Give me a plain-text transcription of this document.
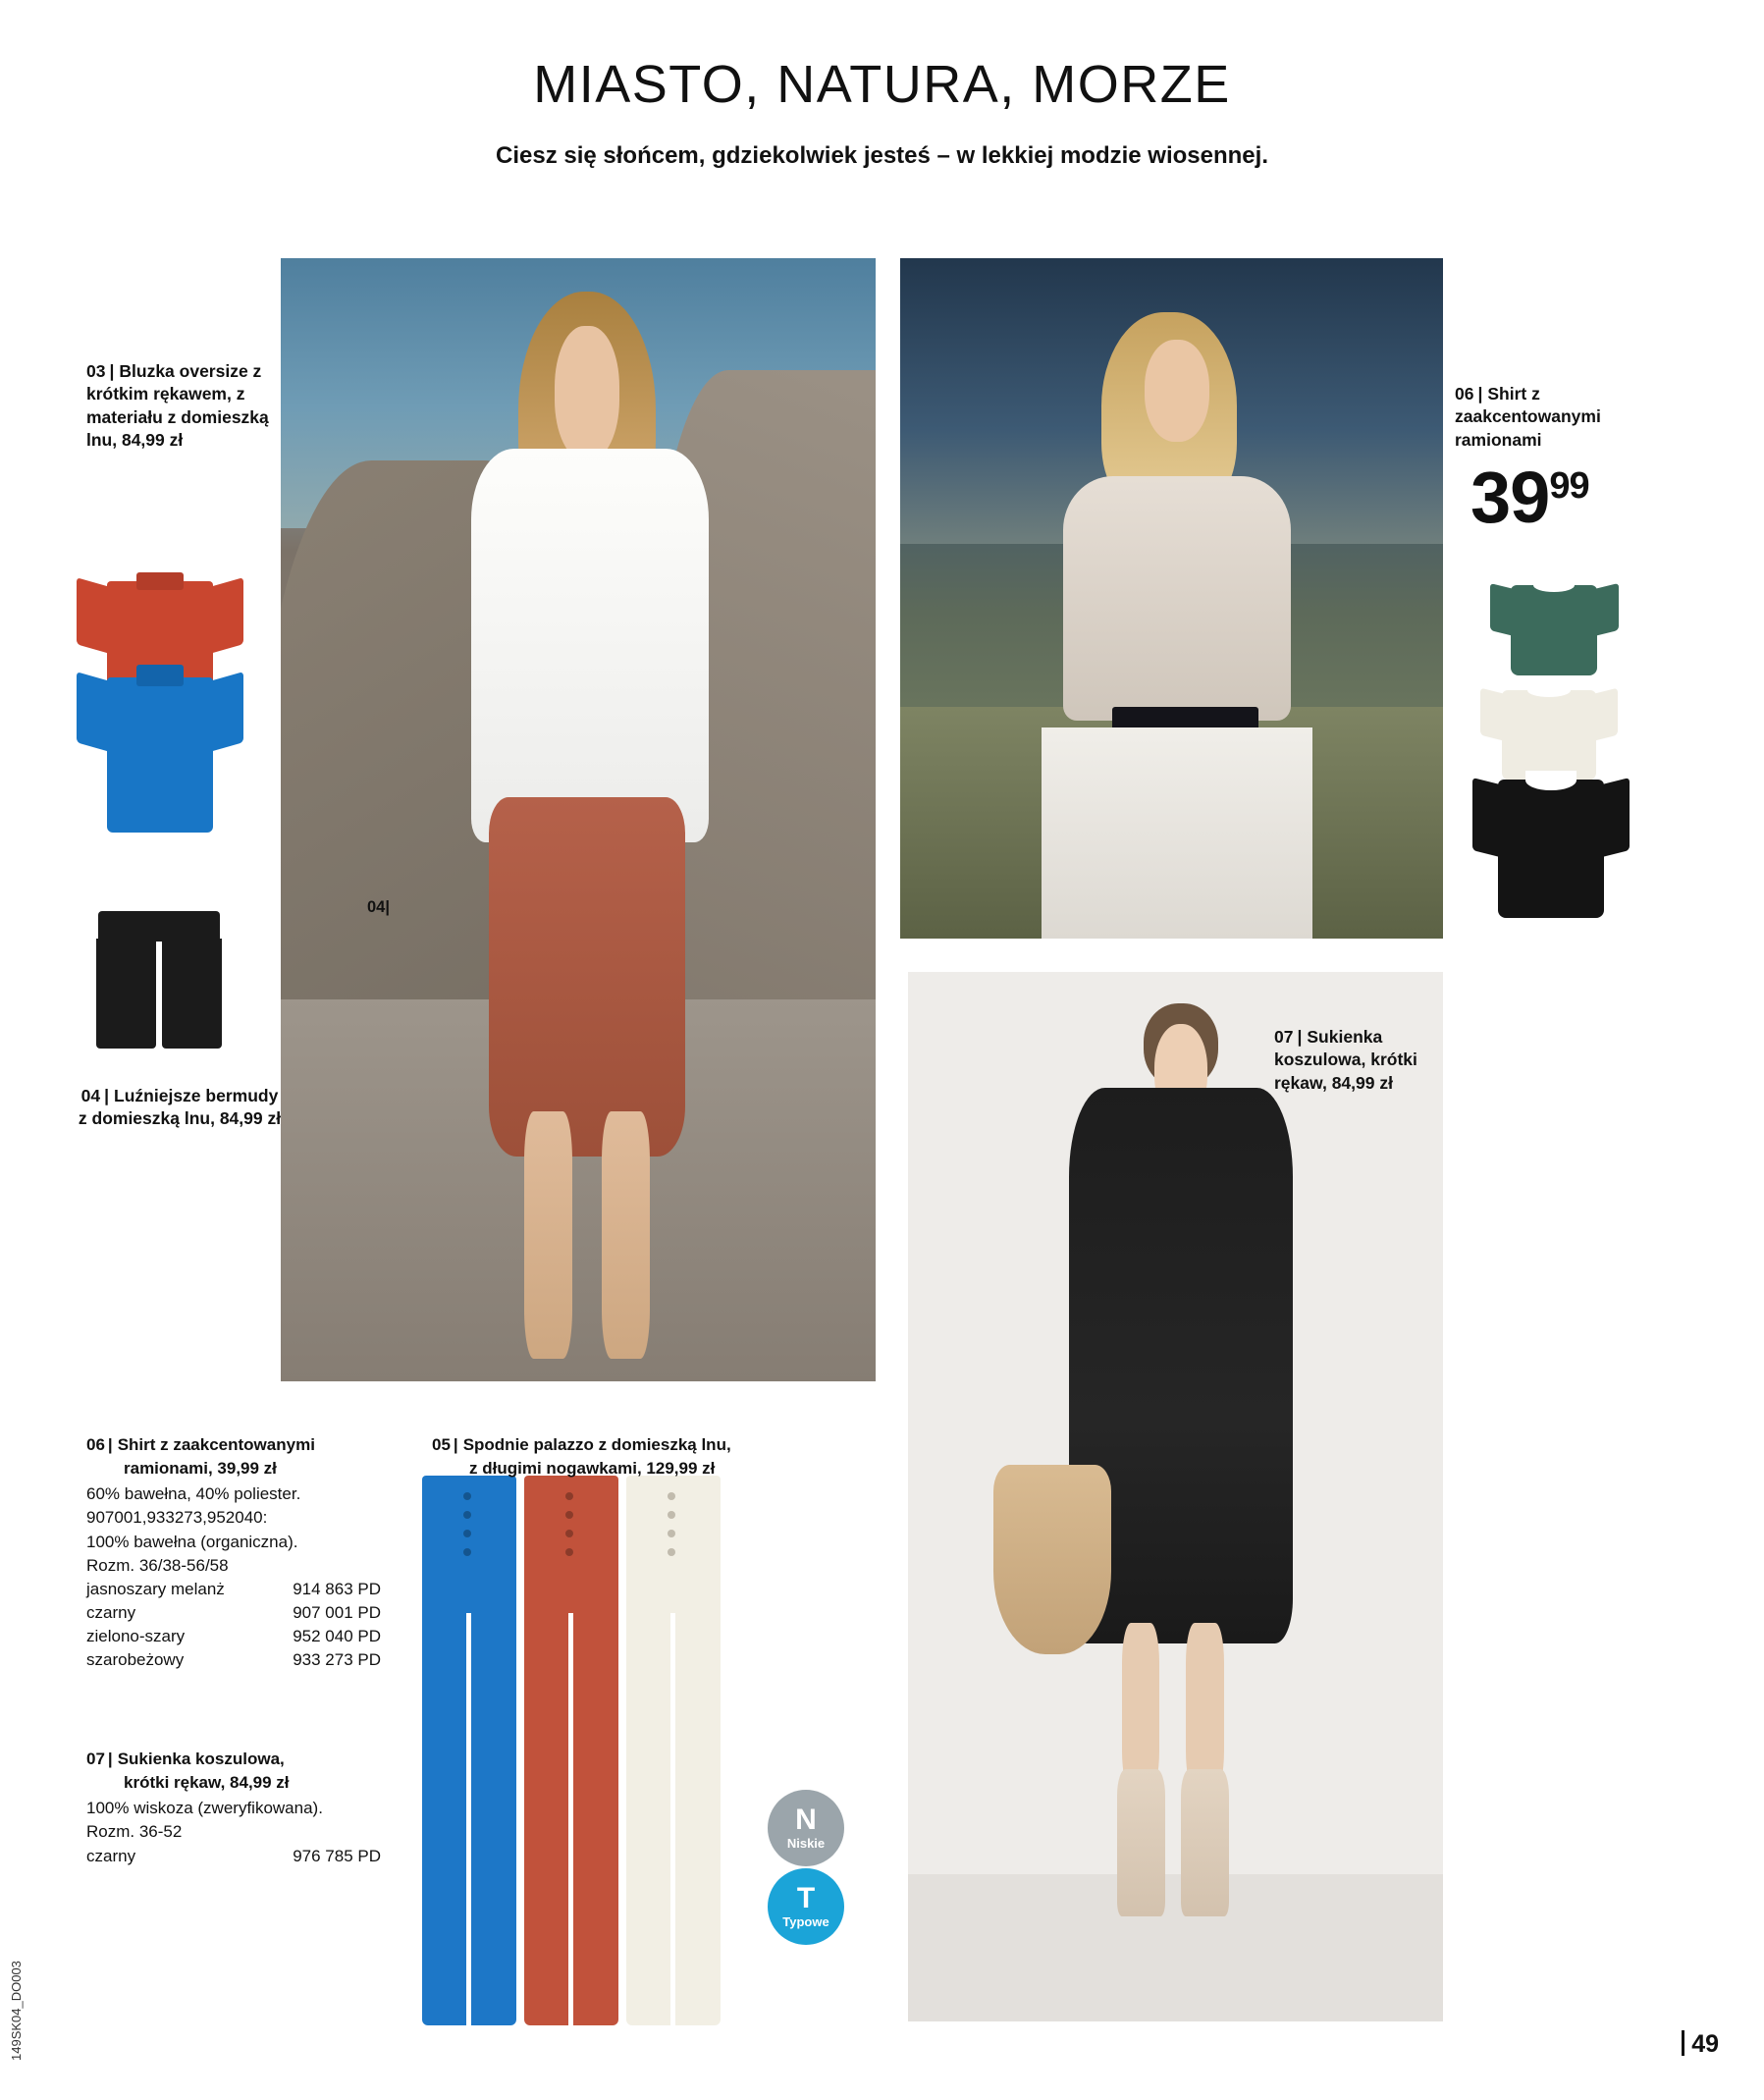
MIASTO, NATURA, MORZE

Ciesz się słońcem, gdziekolwiek jesteś – w lekkiej modzie wiosennej.

03 | Bluzka oversize z krótkim rękawem, z materiału z domieszką lnu, 84,99 zł
04 | Luźniejsze bermudy z domieszką lnu, 84,99 zł
04|
06 | Shirt z zaakcentowanymi ramionami
3999
07 | Sukienka koszulowa, krótki rękaw, 84,99 zł
06 | Shirt z zaakcentowanymi
ramionami, 39,99 zł
60% bawełna, 40% poliester.
907001,933273,952040:
100% bawełna (organiczna).
Rozm. 36/38-56/58
jasnoszary melanż	914 863 PD
czarny	907 001 PD
zielono-szary	952 040 PD
szarobeżowy	933 273 PD
07 | Sukienka koszulowa,
krótki rękaw, 84,99 zł
100% wiskoza (zweryfikowana).
Rozm. 36-52
czarny	976 785 PD
05 | Spodnie palazzo z domieszką lnu,
z długimi nogawkami, 129,99 zł
N
Niskie
T
Typowe
49
149SK04_DO003
